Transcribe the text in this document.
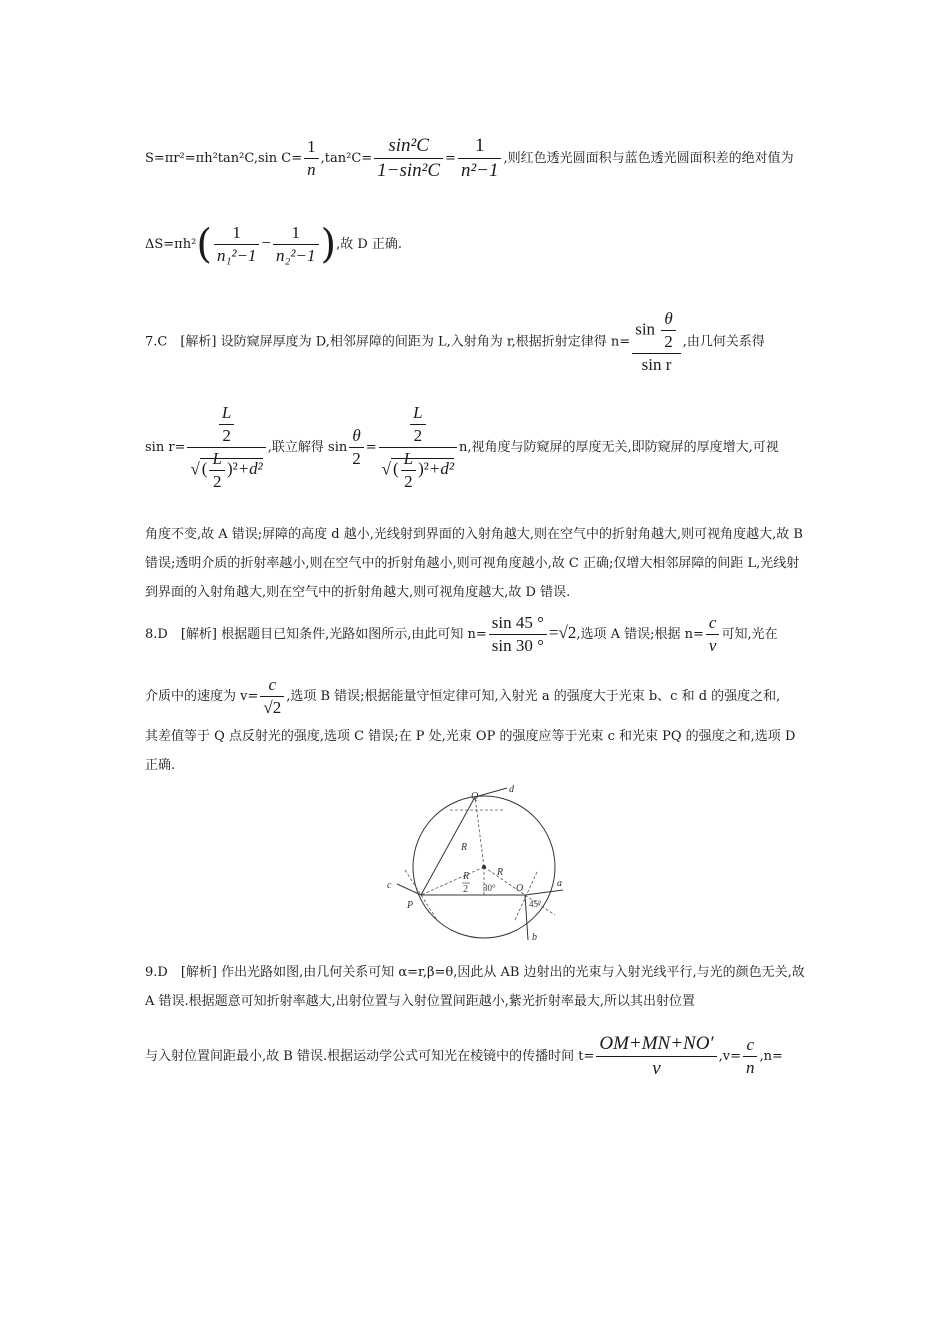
S=πr²=πh²tan²C,sin $C= \frac{1}{n} ,\tan^2C= \frac{\text{sin²C}}{\text{1−sin²C}} = \frac{1}{\text{n²−1}}$ ,则红色透光圆面积与蓝色透光圆面积差的绝对值为
$\Delta S=\pi h^2( \frac{1}{\text{n₁²−1}} - \frac{1}{\text{n₂²−1}}$ ),故 D 正确.
7.C　[解析] 设防窥屏厚度为 D,相邻屏障的间距为 L,入射角为 r,根据折射定律得 $n= \frac{\sin \frac{\theta}{2}}{\text{sin r}}$ ,由几何关系得
$\sin r= \frac{\frac{L}{2}}{√ ( \frac{L}{2} )^2+d^2}$ ,联立解得 $\sin \frac{\theta}{2} = \frac{\frac{L}{2}}{√ ( \frac{L}{2} )^2+d^2} n$,视角度与防窥屏的厚度无关,即防窥屏的厚度增大,可视
角度不变,故 A 错误;屏障的高度 d 越小,光线射到界面的入射角越大,则在空气中的折射角越大,则可视角度越大,故 B 错误;透明介质的折射率越小,则在空气中的折射角越小,则可视角度越小,故 C 正确;仅增大相邻屏障的间距 L,光线射到界面的入射角越大,则在空气中的折射角越大,则可视角度越大,故 D 错误.
8.D　[解析] 根据题目已知条件,光路如图所示,由此可知 $n= \frac{\sin 45 ^\circ}{\sin 30 ^\circ} =√2$,选项 A 错误;根据 $n= \frac{c}{v}$ 可知,光在
介质中的速度为 $v= \frac{c}{√2}$ ,选项 B 错误;根据能量守恒定律可知,入射光 a 的强度大于光束 b、c 和 d 的强度之和,
其差值等于 Q 点反射光的强度,选项 C 错误;在 P 处,光束 OP 的强度应等于光束 c 和光束 PQ 的强度之和,选项 D 正确.
Q
d
R
R
R
2 30° O	a
45°
c
P
b
9.D　[解析] 作出光路如图,由几何关系可知 α=r,β=θ,因此从 AB 边射出的光束与入射光线平行,与光的颜色无关,故 A 错误.根据题意可知折射率越大,出射位置与入射位置间距越小,紫光折射率最大,所以其出射位置
与入射位置间距最小,故 B 错误.根据运动学公式可知光在棱镜中的传播时间 $t= \frac{OM+MN+NO'}{v} ,v= \frac{c}{n} ,n=$
